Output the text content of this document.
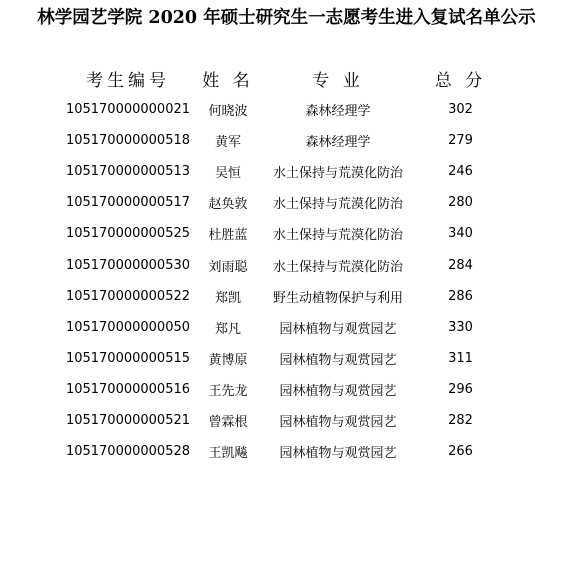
林学园艺学院 2020 年硕士研究生一志愿考生进入复试名单公示
考生编号	姓 名	专 业	总 分
105170000000021	何晓波	森林经理学	302
105170000000518	黄军	森林经理学	279
105170000000513	吴恒	水土保持与荒漠化防治	246
105170000000517	赵奂敦	水土保持与荒漠化防治	280
105170000000525	杜胜蓝	水土保持与荒漠化防治	340
105170000000530	刘雨聪	水土保持与荒漠化防治	284
105170000000522	郑凯	野生动植物保护与利用	286
105170000000050	郑凡	园林植物与观赏园艺	330
105170000000515	黄博原	园林植物与观赏园艺	311
105170000000516	王先龙	园林植物与观赏园艺	296
105170000000521	曾霖根	园林植物与观赏园艺	282
105170000000528	王凯飚	园林植物与观赏园艺	266
